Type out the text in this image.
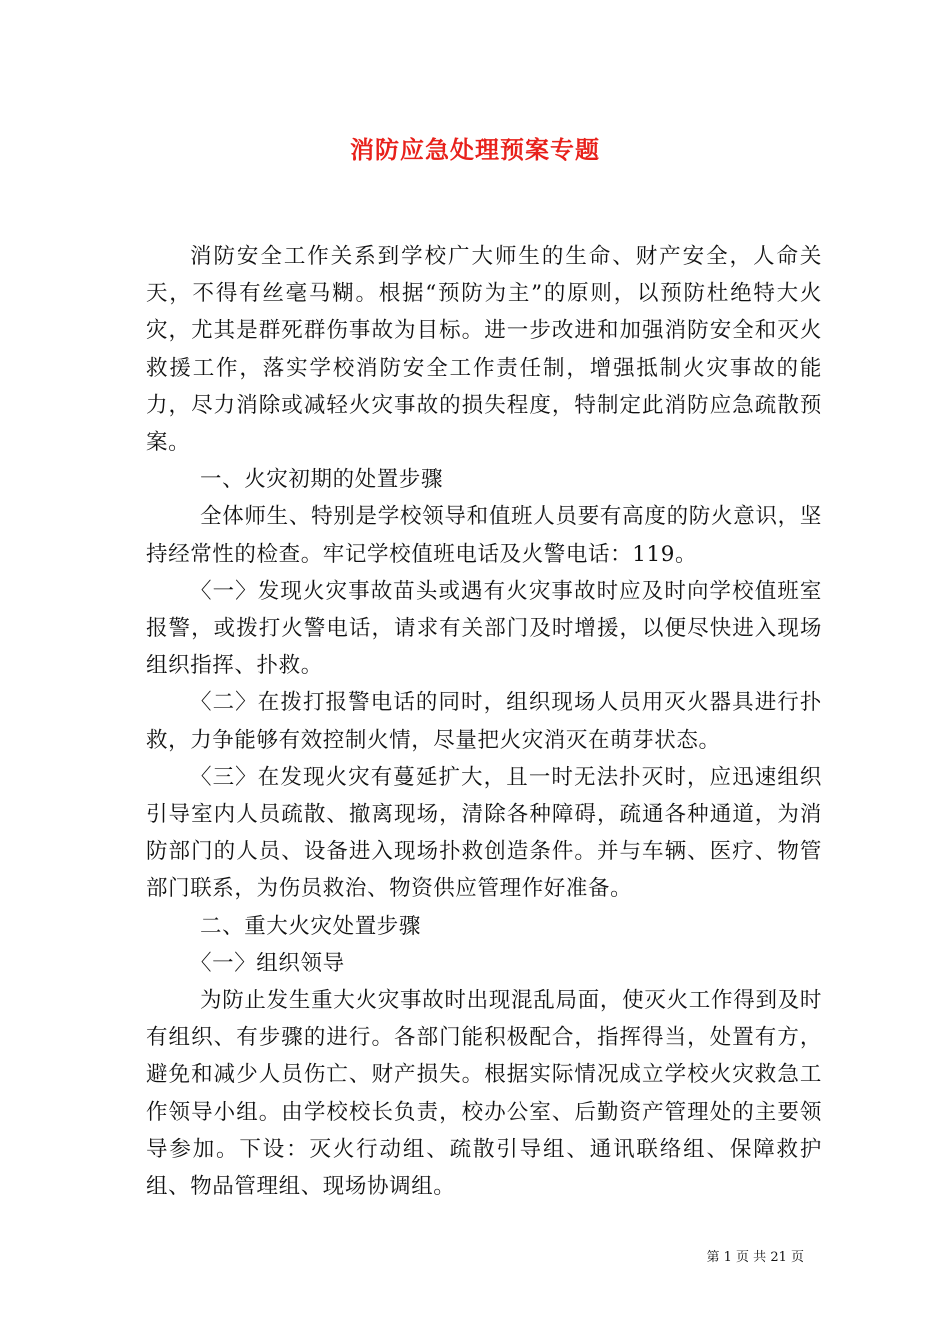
消防应急处理预案专题

消防安全工作关系到学校广大师生的生命、财产安全，人命关天，不得有丝毫马糊。根据“预防为主”的原则，以预防杜绝特大火灾，尤其是群死群伤事故为目标。进一步改进和加强消防安全和灭火救援工作，落实学校消防安全工作责任制，增强抵制火灾事故的能力，尽力消除或减轻火灾事故的损失程度，特制定此消防应急疏散预案。

一、火灾初期的处置步骤

全体师生、特别是学校领导和值班人员要有高度的防火意识，坚持经常性的检查。牢记学校值班电话及火警电话：119。

〈一〉发现火灾事故苗头或遇有火灾事故时应及时向学校值班室报警，或拨打火警电话，请求有关部门及时增援，以便尽快进入现场组织指挥、扑救。

〈二〉在拨打报警电话的同时，组织现场人员用灭火器具进行扑救，力争能够有效控制火情，尽量把火灾消灭在萌芽状态。

〈三〉在发现火灾有蔓延扩大，且一时无法扑灭时，应迅速组织引导室内人员疏散、撤离现场，清除各种障碍，疏通各种通道，为消防部门的人员、设备进入现场扑救创造条件。并与车辆、医疗、物管部门联系，为伤员救治、物资供应管理作好准备。

二、重大火灾处置步骤

〈一〉组织领导

为防止发生重大火灾事故时出现混乱局面，使灭火工作得到及时有组织、有步骤的进行。各部门能积极配合，指挥得当，处置有方，避免和减少人员伤亡、财产损失。根据实际情况成立学校火灾救急工作领导小组。由学校校长负责，校办公室、后勤资产管理处的主要领导参加。下设：灭火行动组、疏散引导组、通讯联络组、保障救护组、物品管理组、现场协调组。

第 1 页 共 21 页
